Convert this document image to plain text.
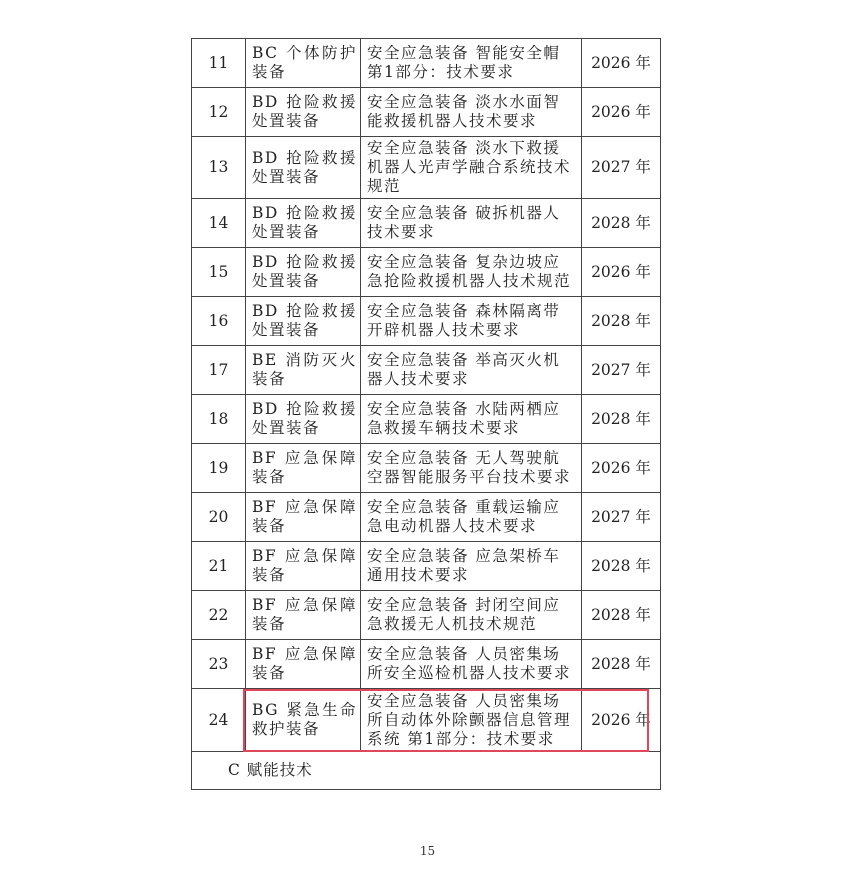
11	BC 个体防护装备	安全应急装备 智能安全帽 第1部分：技术要求	2026 年
12	BD 抢险救援处置装备	安全应急装备 淡水水面智能救援机器人技术要求	2026 年
13	BD 抢险救援处置装备	安全应急装备 淡水下救援机器人光声学融合系统技术规范	2027 年
14	BD 抢险救援处置装备	安全应急装备 破拆机器人技术要求	2028 年
15	BD 抢险救援处置装备	安全应急装备 复杂边坡应急抢险救援机器人技术规范	2026 年
16	BD 抢险救援处置装备	安全应急装备 森林隔离带开辟机器人技术要求	2028 年
17	BE 消防灭火装备	安全应急装备 举高灭火机器人技术要求	2027 年
18	BD 抢险救援处置装备	安全应急装备 水陆两栖应急救援车辆技术要求	2028 年
19	BF 应急保障装备	安全应急装备 无人驾驶航空器智能服务平台技术要求	2026 年
20	BF 应急保障装备	安全应急装备 重载运输应急电动机器人技术要求	2027 年
21	BF 应急保障装备	安全应急装备 应急架桥车通用技术要求	2028 年
22	BF 应急保障装备	安全应急装备 封闭空间应急救援无人机技术规范	2028 年
23	BF 应急保障装备	安全应急装备 人员密集场所安全巡检机器人技术要求	2028 年
24	BG 紧急生命救护装备	安全应急装备 人员密集场所自动体外除颤器信息管理系统 第1部分：技术要求	2026 年
C 赋能技术			
15
